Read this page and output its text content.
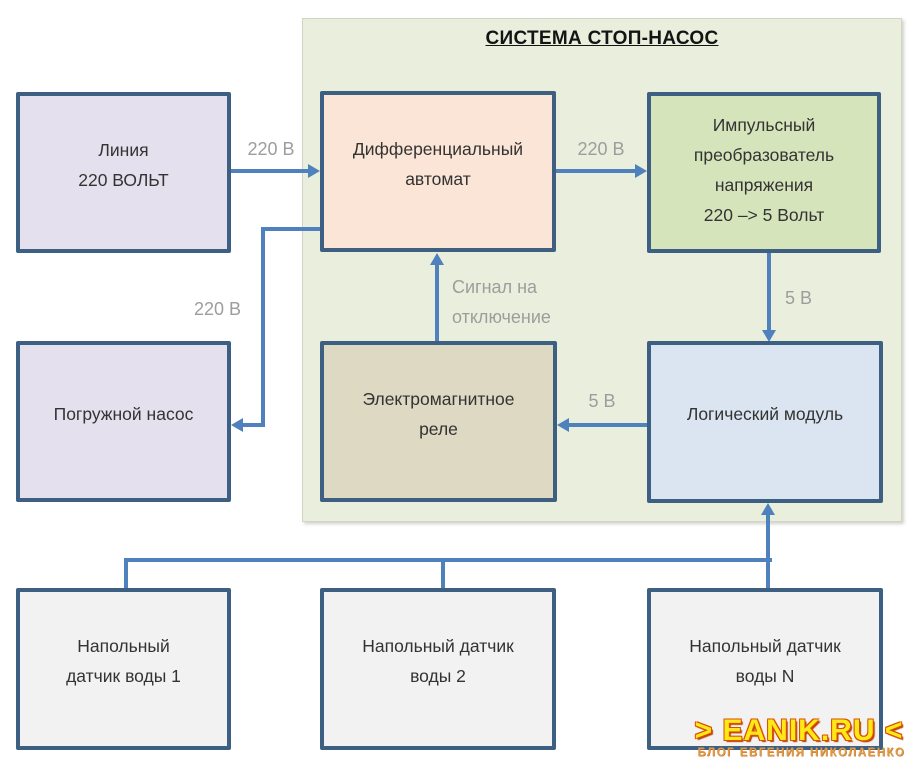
СИСТЕМА СТОП-НАСОС
Линия
220 ВОЛЬТ
Дифференциальный
автомат
Импульсный
преобразователь
напряжения
220 –> 5 Вольт
Погружной насос
Электромагнитное
реле
Логический модуль
Напольный
датчик воды 1
Напольный датчик
воды 2
Напольный датчик
воды N
220 В	220 В
5 В
5 В
220 В
Сигнал на
отключение
> EANIK.RU <
БЛОГ ЕВГЕНИЯ НИКОЛАЕНКО
